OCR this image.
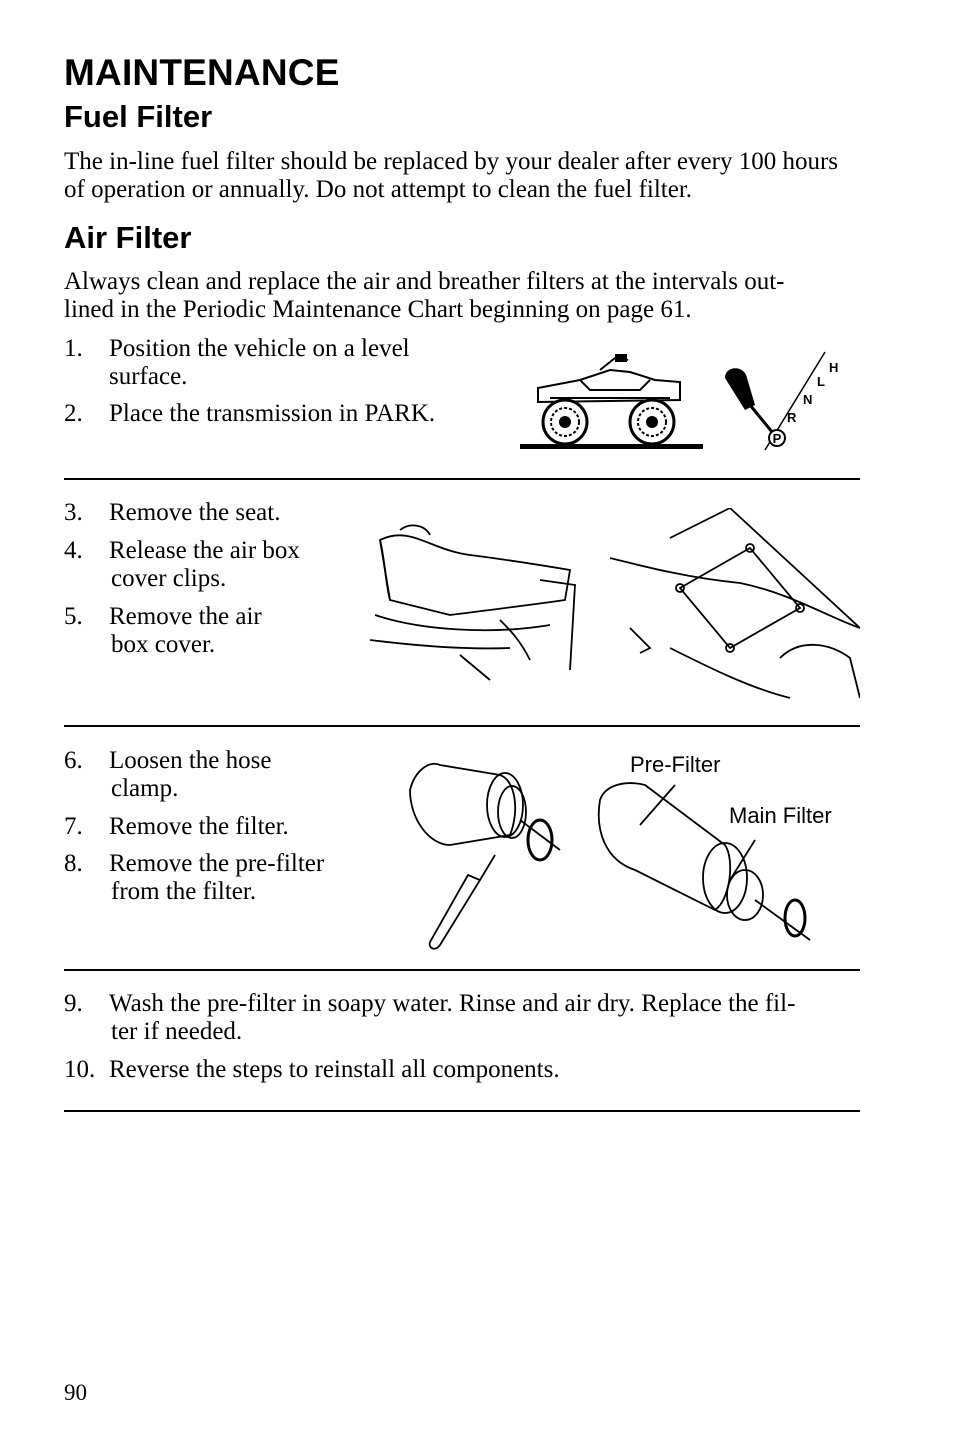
MAINTENANCE
Fuel Filter
The in-line fuel filter should be replaced by your dealer after every 100 hours of operation or annually. Do not attempt to clean the fuel filter.
Air Filter
Always clean and replace the air and breather filters at the intervals out-
lined in the Periodic Maintenance Chart beginning on page 61.
1. Position the vehicle on a level
surface.
2. Place the transmission in PARK.
P
R
N
L
H
3. Remove the seat.
4. Release the air box
cover clips.
5. Remove the air
box cover.
6. Loosen the hose
clamp.
7. Remove the filter.
8. Remove the pre-filter
from the filter.
Pre-Filter
Main Filter
9. Wash the pre-filter in soapy water. Rinse and air dry. Replace the fil-
ter if needed.
10. Reverse the steps to reinstall all components.
90
